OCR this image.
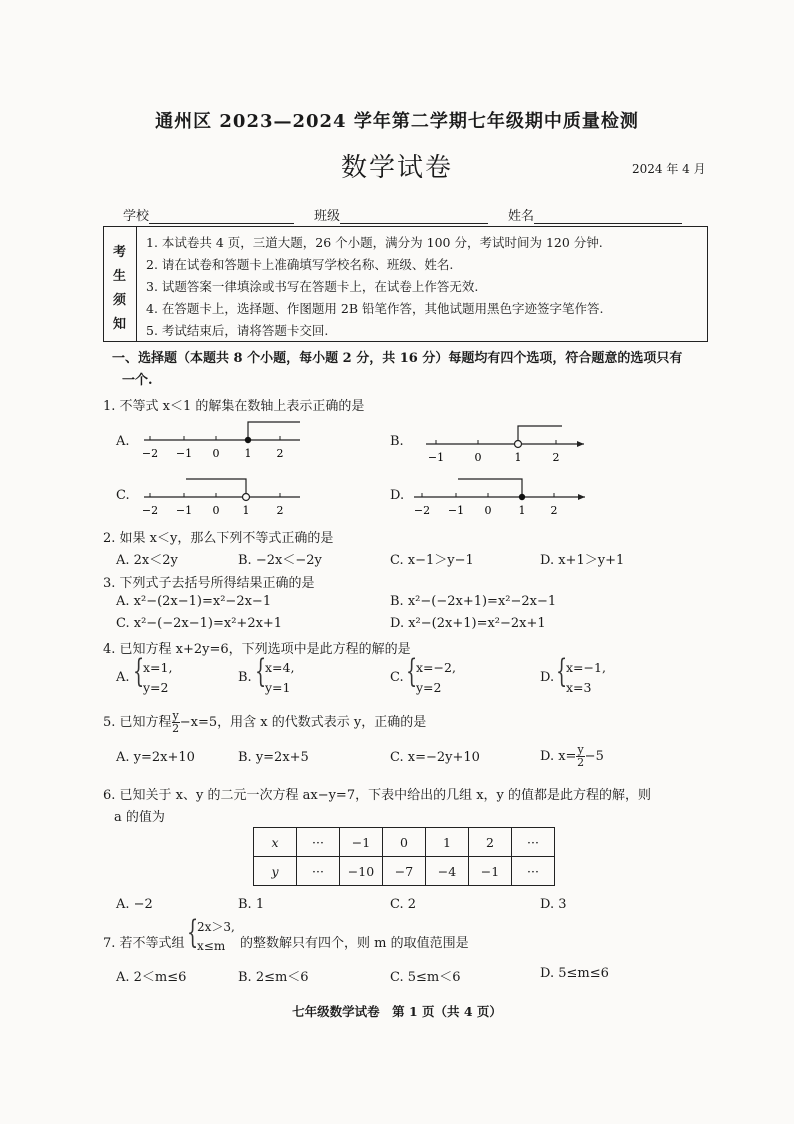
通州区 2023—2024 学年第二学期七年级期中质量检测
数学试卷	2024 年 4 月
学校	班级	姓名
考
生
须
知
1. 本试卷共 4 页，三道大题，26 个小题，满分为 100 分，考试时间为 120 分钟.
2. 请在试卷和答题卡上准确填写学校名称、班级、姓名.
3. 试题答案一律填涂或书写在答题卡上，在试卷上作答无效.
4. 在答题卡上，选择题、作图题用 2B 铅笔作答，其他试题用黑色字迹签字笔作答.
5. 考试结束后，请将答题卡交回.
一、选择题（本题共 8 个小题，每小题 2 分，共 16 分）每题均有四个选项，符合题意的选项只有
一个.
1. 不等式 x＜1 的解集在数轴上表示正确的是
A.
−2 −1 0 1 2
B.
−1	0	1	2
C.
−2 −1 0 1 2
D.
−2 −1 0 1 2
2. 如果 x＜y，那么下列不等式正确的是
A. 2x＜2y	B. −2x＜−2y	C. x−1＞y−1	D. x+1＞y+1
3. 下列式子去括号所得结果正确的是
A. x²−(2x−1)=x²−2x−1	B. x²−(−2x+1)=x²−2x−1
C. x²−(−2x−1)=x²+2x+1	D. x²−(2x+1)=x²−2x+1
4. 已知方程 x+2y=6，下列选项中是此方程的解的是
A. {
x=1,
y=2
B. {
x=4,
y=1
C. {
x=−2,
y=2
D. {
x=−1,
x=3
5. 已知方程 $\frac{y}{2} -x=5$，用含 x 的代数式表示 y，正确的是
A. y=2x+10	B. y=2x+5	C. x=−2y+10	D. $x= \frac{y}{2} -5$
6. 已知关于 x、y 的二元一次方程 ax−y=7，下表中给出的几组 x，y 的值都是此方程的解，则
a 的值为
x	···	−1	0	1	2	···
y	···	−10	−7	−4	−1	···
A. −2	B. 1	C. 2	D. 3
7. 若不等式组 {
2x＞3,
x≤m	的整数解只有四个，则 m 的取值范围是
A. 2＜m≤6	B. 2≤m＜6	C. 5≤m＜6	D. 5≤m≤6
七年级数学试卷　第 1 页（共 4 页）
